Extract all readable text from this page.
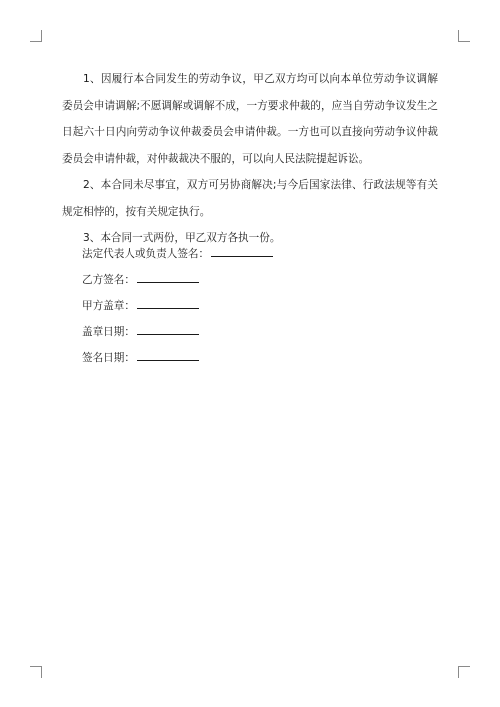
1、因履行本合同发生的劳动争议，甲乙双方均可以向本单位劳动争议调解委员会申请调解;不愿调解或调解不成，一方要求仲裁的，应当自劳动争议发生之日起六十日内向劳动争议仲裁委员会申请仲裁。一方也可以直接向劳动争议仲裁委员会申请仲裁，对仲裁裁决不服的，可以向人民法院提起诉讼。

2、本合同未尽事宜，双方可另协商解决;与今后国家法律、行政法规等有关规定相悖的，按有关规定执行。

3、本合同一式两份，甲乙双方各执一份。

法定代表人或负责人签名：
乙方签名：
甲方盖章：
盖章日期：
签名日期：
